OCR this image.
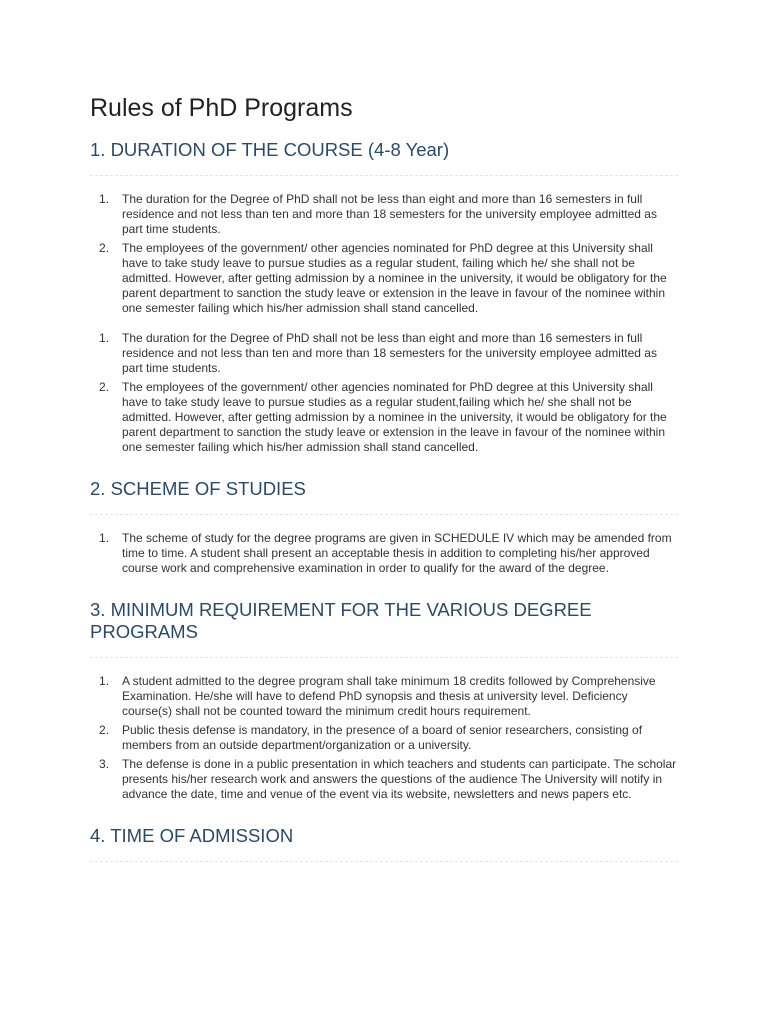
Rules of PhD Programs
1. DURATION OF THE COURSE (4-8 Year)
The duration for the Degree of PhD shall not be less than eight and more than 16 semesters in full residence and not less than ten and more than 18 semesters for the university employee admitted as part time students.
The employees of the government/ other agencies nominated for PhD degree at this University shall have to take study leave to pursue studies as a regular student, failing which he/ she shall not be admitted. However, after getting admission by a nominee in the university, it would be obligatory for the parent department to sanction the study leave or extension in the leave in favour of the nominee within one semester failing which his/her admission shall stand cancelled.
The duration for the Degree of PhD shall not be less than eight and more than 16 semesters in full residence and not less than ten and more than 18 semesters for the university employee admitted as part time students.
The employees of the government/ other agencies nominated for PhD degree at this University shall have to take study leave to pursue studies as a regular student,failing which he/ she shall not be admitted. However, after getting admission by a nominee in the university, it would be obligatory for the parent department to sanction the study leave or extension in the leave in favour of the nominee within one semester failing which his/her admission shall stand cancelled.
2. SCHEME OF STUDIES
The scheme of study for the degree programs are given in SCHEDULE IV which may be amended from time to time. A student shall present an acceptable thesis in addition to completing his/her approved course work and comprehensive examination in order to qualify for the award of the degree.
3. MINIMUM REQUIREMENT FOR THE VARIOUS DEGREE PROGRAMS
A student admitted to the degree program shall take minimum 18 credits followed by Comprehensive Examination. He/she will have to defend PhD synopsis and thesis at university level. Deficiency course(s) shall not be counted toward the minimum credit hours requirement.
Public thesis defense is mandatory, in the presence of a board of senior researchers, consisting of members from an outside department/organization or a university.
The defense is done in a public presentation in which teachers and students can participate. The scholar presents his/her research work and answers the questions of the audience The University will notify in advance the date, time and venue of the event via its website, newsletters and news papers etc.
4. TIME OF ADMISSION
